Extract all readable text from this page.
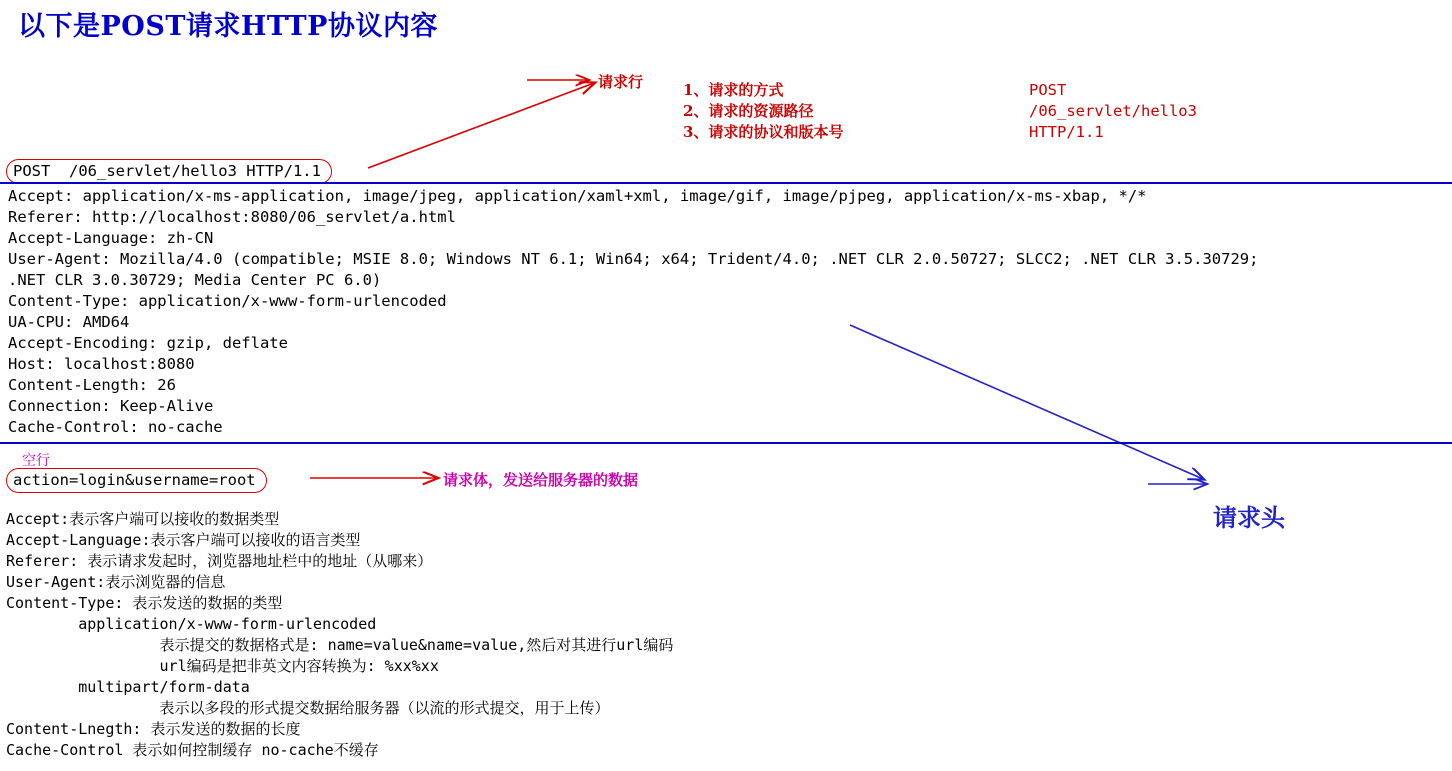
以下是POST请求HTTP协议内容
请求行	1、请求的方式
2、请求的资源路径
3、请求的协议和版本号
POST
/06_servlet/hello3
HTTP/1.1
POST  /06_servlet/hello3 HTTP/1.1
Accept: application/x-ms-application, image/jpeg, application/xaml+xml, image/gif, image/pjpeg, application/x-ms-xbap, */*
Referer: http://localhost:8080/06_servlet/a.html
Accept-Language: zh-CN
User-Agent: Mozilla/4.0 (compatible; MSIE 8.0; Windows NT 6.1; Win64; x64; Trident/4.0; .NET CLR 2.0.50727; SLCC2; .NET CLR 3.5.30729;
.NET CLR 3.0.30729; Media Center PC 6.0)
Content-Type: application/x-www-form-urlencoded
UA-CPU: AMD64
Accept-Encoding: gzip, deflate
Host: localhost:8080
Content-Length: 26
Connection: Keep-Alive
Cache-Control: no-cache
空行
action=login&username=root	请求体，发送给服务器的数据
请求头
Accept:表示客户端可以接收的数据类型
Accept-Language:表示客户端可以接收的语言类型
Referer: 表示请求发起时，浏览器地址栏中的地址（从哪来）
User-Agent:表示浏览器的信息
Content-Type: 表示发送的数据的类型
application/x-www-form-urlencoded
表示提交的数据格式是: name=value&name=value,然后对其进行url编码
url编码是把非英文内容转换为: %xx%xx
multipart/form-data
表示以多段的形式提交数据给服务器（以流的形式提交，用于上传）
Content-Lnegth: 表示发送的数据的长度
Cache-Control 表示如何控制缓存 no-cache不缓存
